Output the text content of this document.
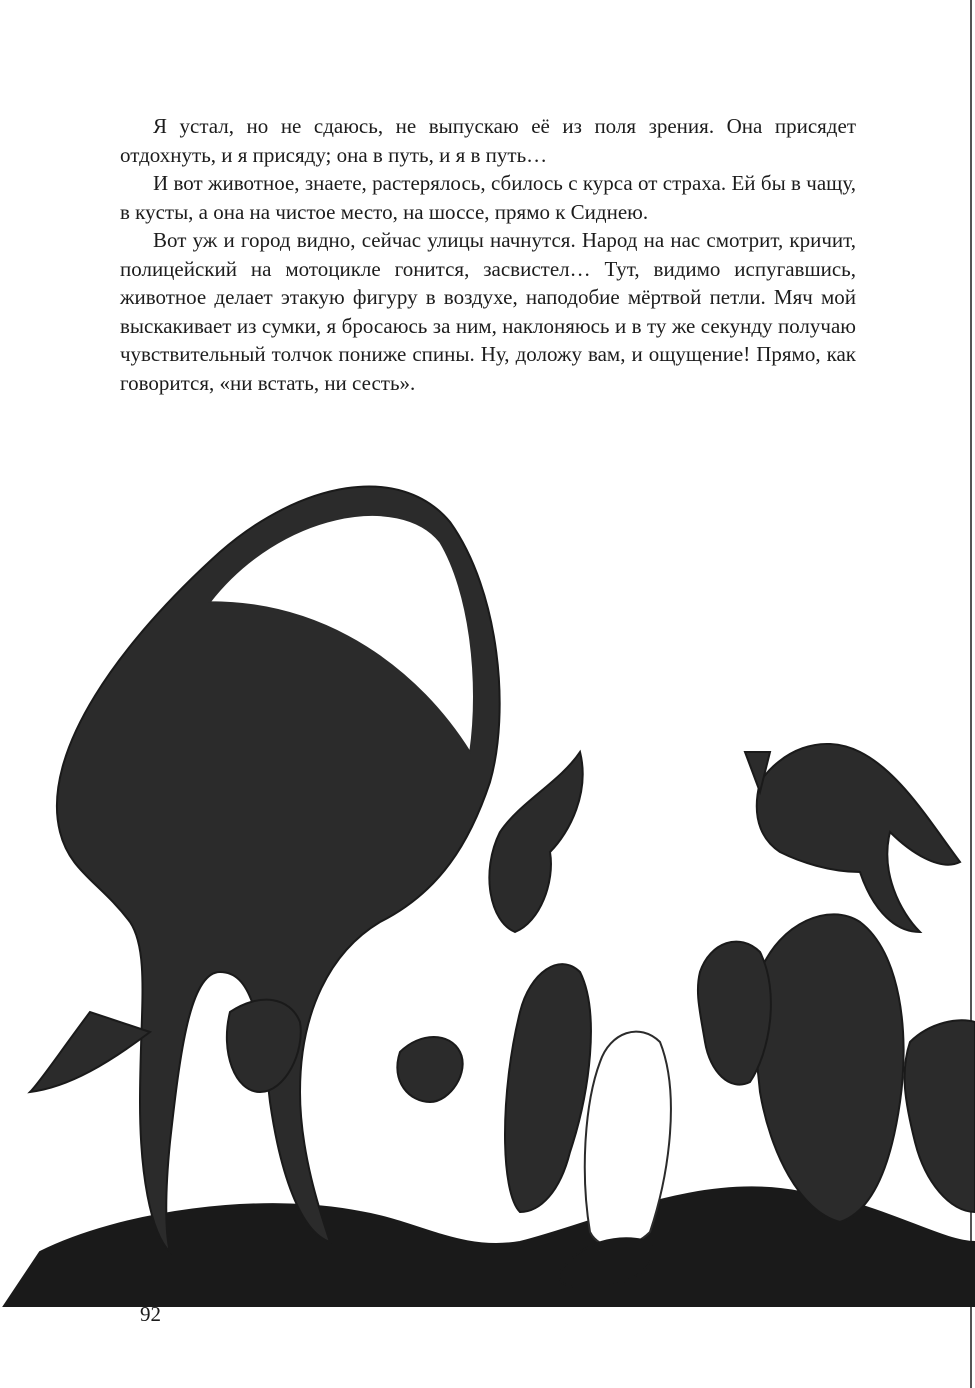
Я устал, но не сдаюсь, не выпускаю её из поля зрения. Она присядет отдохнуть, и я присяду; она в путь, и я в путь…

И вот животное, знаете, растерялось, сбилось с курса от страха. Ей бы в чащу, в кусты, а она на чистое место, на шоссе, прямо к Сиднею.

Вот уж и город видно, сейчас улицы начнутся. Народ на нас смотрит, кричит, полицейский на мотоцикле гонится, засвистел… Тут, видимо испугавшись, животное делает этакую фигуру в воздухе, наподобие мёртвой петли. Мяч мой выскакивает из сумки, я бросаюсь за ним, наклоняюсь и в ту же секунду получаю чувствительный толчок пониже спины. Ну, доложу вам, и ощущение! Прямо, как говорится, «ни встать, ни сесть».

92
